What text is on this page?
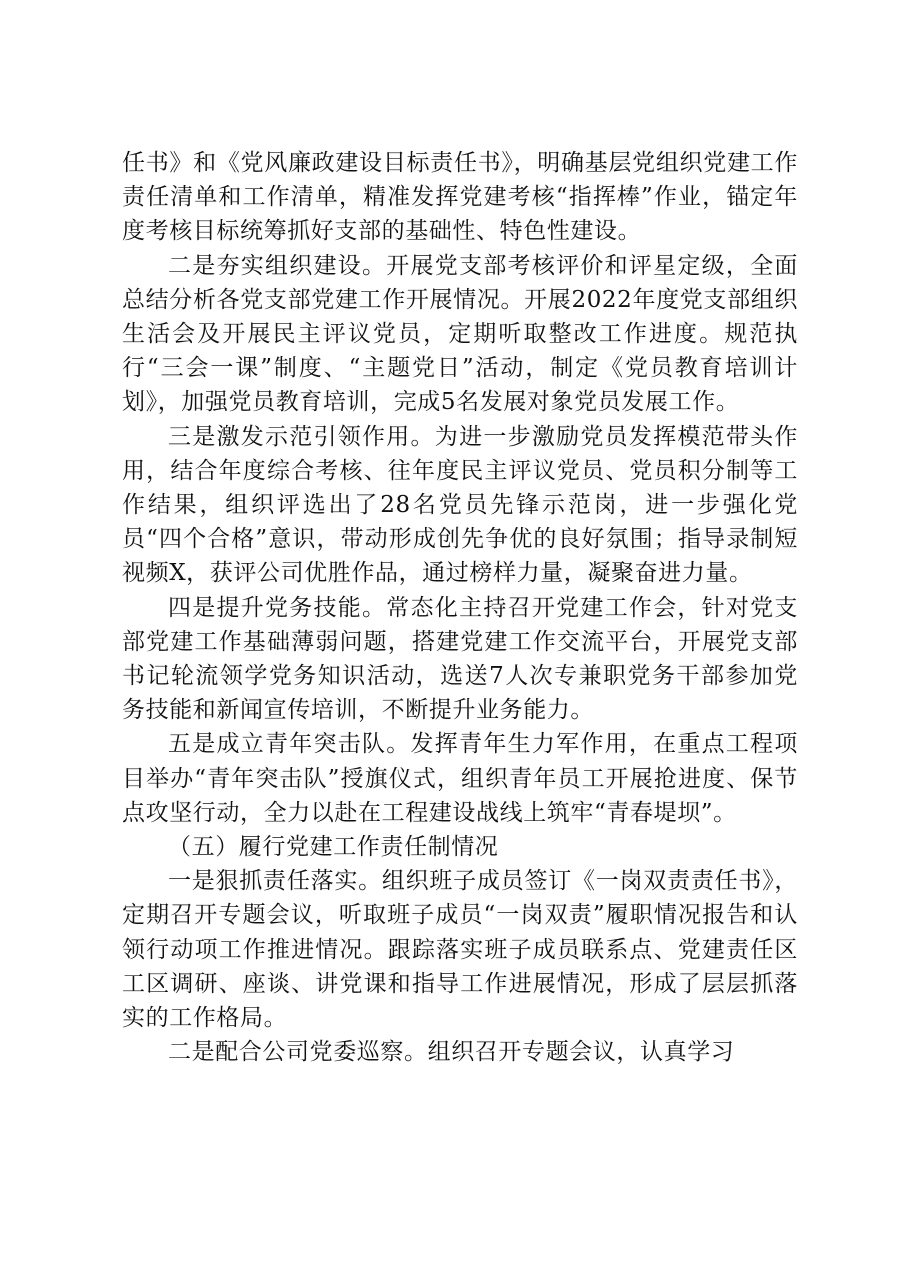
任书》和《党风廉政建设目标责任书》，明确基层党组织党建工作责任清单和工作清单，精准发挥党建考核“指挥棒”作业，锚定年度考核目标统筹抓好支部的基础性、特色性建设。

二是夯实组织建设。开展党支部考核评价和评星定级，全面总结分析各党支部党建工作开展情况。开展2022年度党支部组织生活会及开展民主评议党员，定期听取整改工作进度。规范执行“三会一课”制度、“主题党日”活动，制定《党员教育培训计划》，加强党员教育培训，完成5名发展对象党员发展工作。

三是激发示范引领作用。为进一步激励党员发挥模范带头作用，结合年度综合考核、往年度民主评议党员、党员积分制等工作结果，组织评选出了28名党员先锋示范岗，进一步强化党员“四个合格”意识，带动形成创先争优的良好氛围；指导录制短视频X，获评公司优胜作品，通过榜样力量，凝聚奋进力量。

四是提升党务技能。常态化主持召开党建工作会，针对党支部党建工作基础薄弱问题，搭建党建工作交流平台，开展党支部书记轮流领学党务知识活动，选送7人次专兼职党务干部参加党务技能和新闻宣传培训，不断提升业务能力。

五是成立青年突击队。发挥青年生力军作用，在重点工程项目举办“青年突击队”授旗仪式，组织青年员工开展抢进度、保节点攻坚行动，全力以赴在工程建设战线上筑牢“青春堤坝”。

（五）履行党建工作责任制情况

一是狠抓责任落实。组织班子成员签订《一岗双责责任书》，定期召开专题会议，听取班子成员“一岗双责”履职情况报告和认领行动项工作推进情况。跟踪落实班子成员联系点、党建责任区工区调研、座谈、讲党课和指导工作进展情况，形成了层层抓落实的工作格局。

二是配合公司党委巡察。组织召开专题会议，认真学习
